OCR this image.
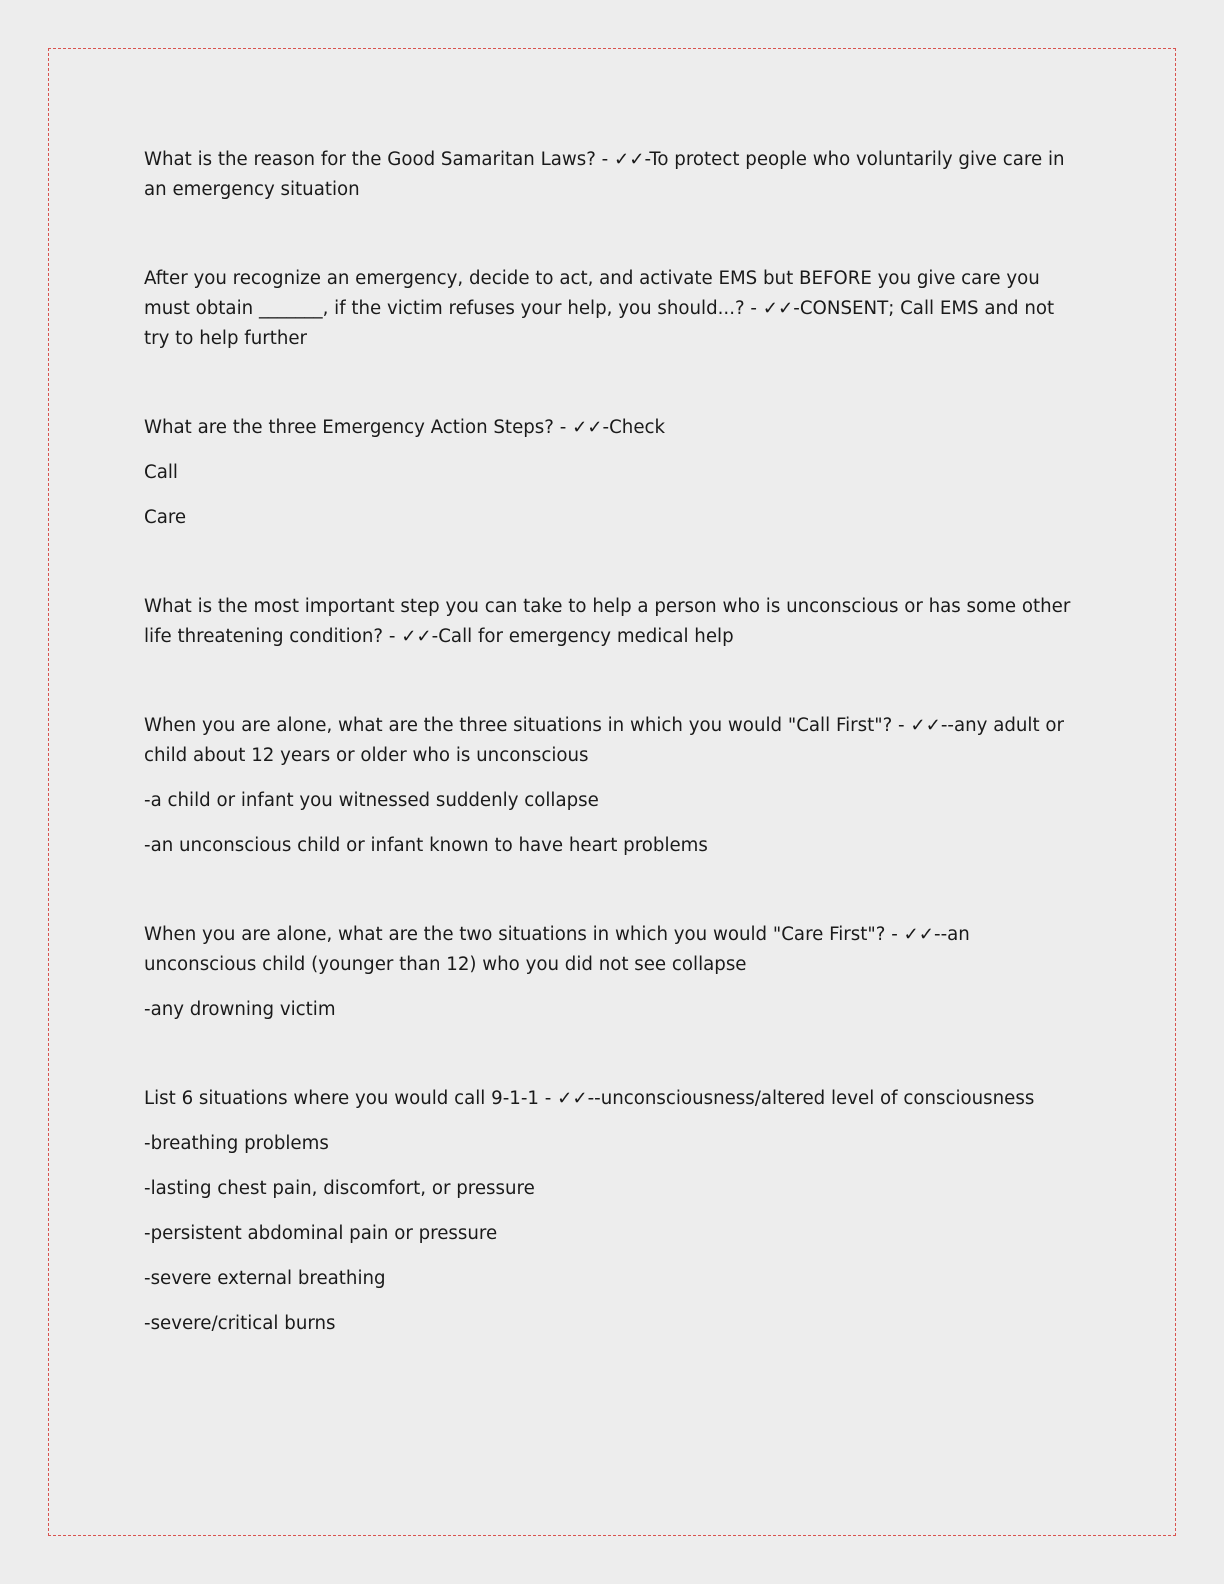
What is the reason for the Good Samaritan Laws? - ✓✓-To protect people who voluntarily give care in an emergency situation
After you recognize an emergency, decide to act, and activate EMS but BEFORE you give care you must obtain _______, if the victim refuses your help, you should...? - ✓✓-CONSENT; Call EMS and not try to help further
What are the three Emergency Action Steps? - ✓✓-Check
Call
Care
What is the most important step you can take to help a person who is unconscious or has some other life threatening condition? - ✓✓-Call for emergency medical help
When you are alone, what are the three situations in which you would "Call First"? - ✓✓--any adult or child about 12 years or older who is unconscious
-a child or infant you witnessed suddenly collapse
-an unconscious child or infant known to have heart problems
When you are alone, what are the two situations in which you would "Care First"? - ✓✓--an unconscious child (younger than 12) who you did not see collapse
-any drowning victim
List 6 situations where you would call 9-1-1 - ✓✓--unconsciousness/altered level of consciousness
-breathing problems
-lasting chest pain, discomfort, or pressure
-persistent abdominal pain or pressure
-severe external breathing
-severe/critical burns
